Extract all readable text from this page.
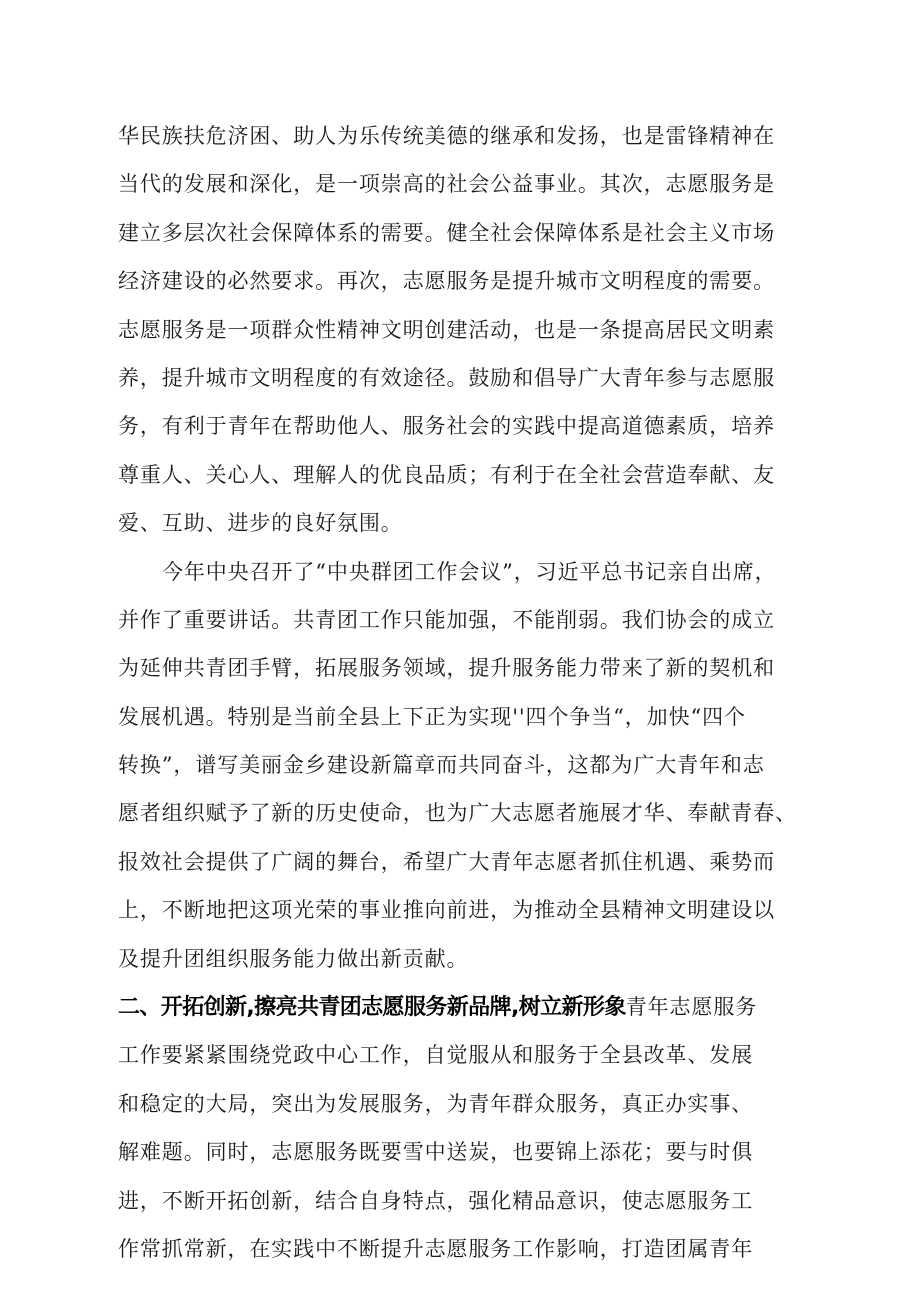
华民族扶危济困、助人为乐传统美德的继承和发扬，也是雷锋精神在
当代的发展和深化，是一项崇高的社会公益事业。其次，志愿服务是
建立多层次社会保障体系的需要。健全社会保障体系是社会主义市场
经济建设的必然要求。再次，志愿服务是提升城市文明程度的需要。
志愿服务是一项群众性精神文明创建活动，也是一条提高居民文明素
养，提升城市文明程度的有效途径。鼓励和倡导广大青年参与志愿服
务，有利于青年在帮助他人、服务社会的实践中提高道德素质，培养
尊重人、关心人、理解人的优良品质；有利于在全社会营造奉献、友
爱、互助、进步的良好氛围。
今年中央召开了“中央群团工作会议”，习近平总书记亲自出席，
并作了重要讲话。共青团工作只能加强，不能削弱。我们协会的成立
为延伸共青团手臂，拓展服务领域，提升服务能力带来了新的契机和
发展机遇。特别是当前全县上下正为实现''四个争当“，加快“四个
转换”，谱写美丽金乡建设新篇章而共同奋斗，这都为广大青年和志
愿者组织赋予了新的历史使命，也为广大志愿者施展才华、奉献青春、
报效社会提供了广阔的舞台，希望广大青年志愿者抓住机遇、乘势而
上，不断地把这项光荣的事业推向前进，为推动全县精神文明建设以
及提升团组织服务能力做出新贡献。
二、开拓创新,擦亮共青团志愿服务新品牌,树立新形象青年志愿服务
工作要紧紧围绕党政中心工作，自觉服从和服务于全县改革、发展
和稳定的大局，突出为发展服务，为青年群众服务，真正办实事、
解难题。同时，志愿服务既要雪中送炭，也要锦上添花；要与时俱
进，不断开拓创新，结合自身特点，强化精品意识，使志愿服务工
作常抓常新，在实践中不断提升志愿服务工作影响，打造团属青年
